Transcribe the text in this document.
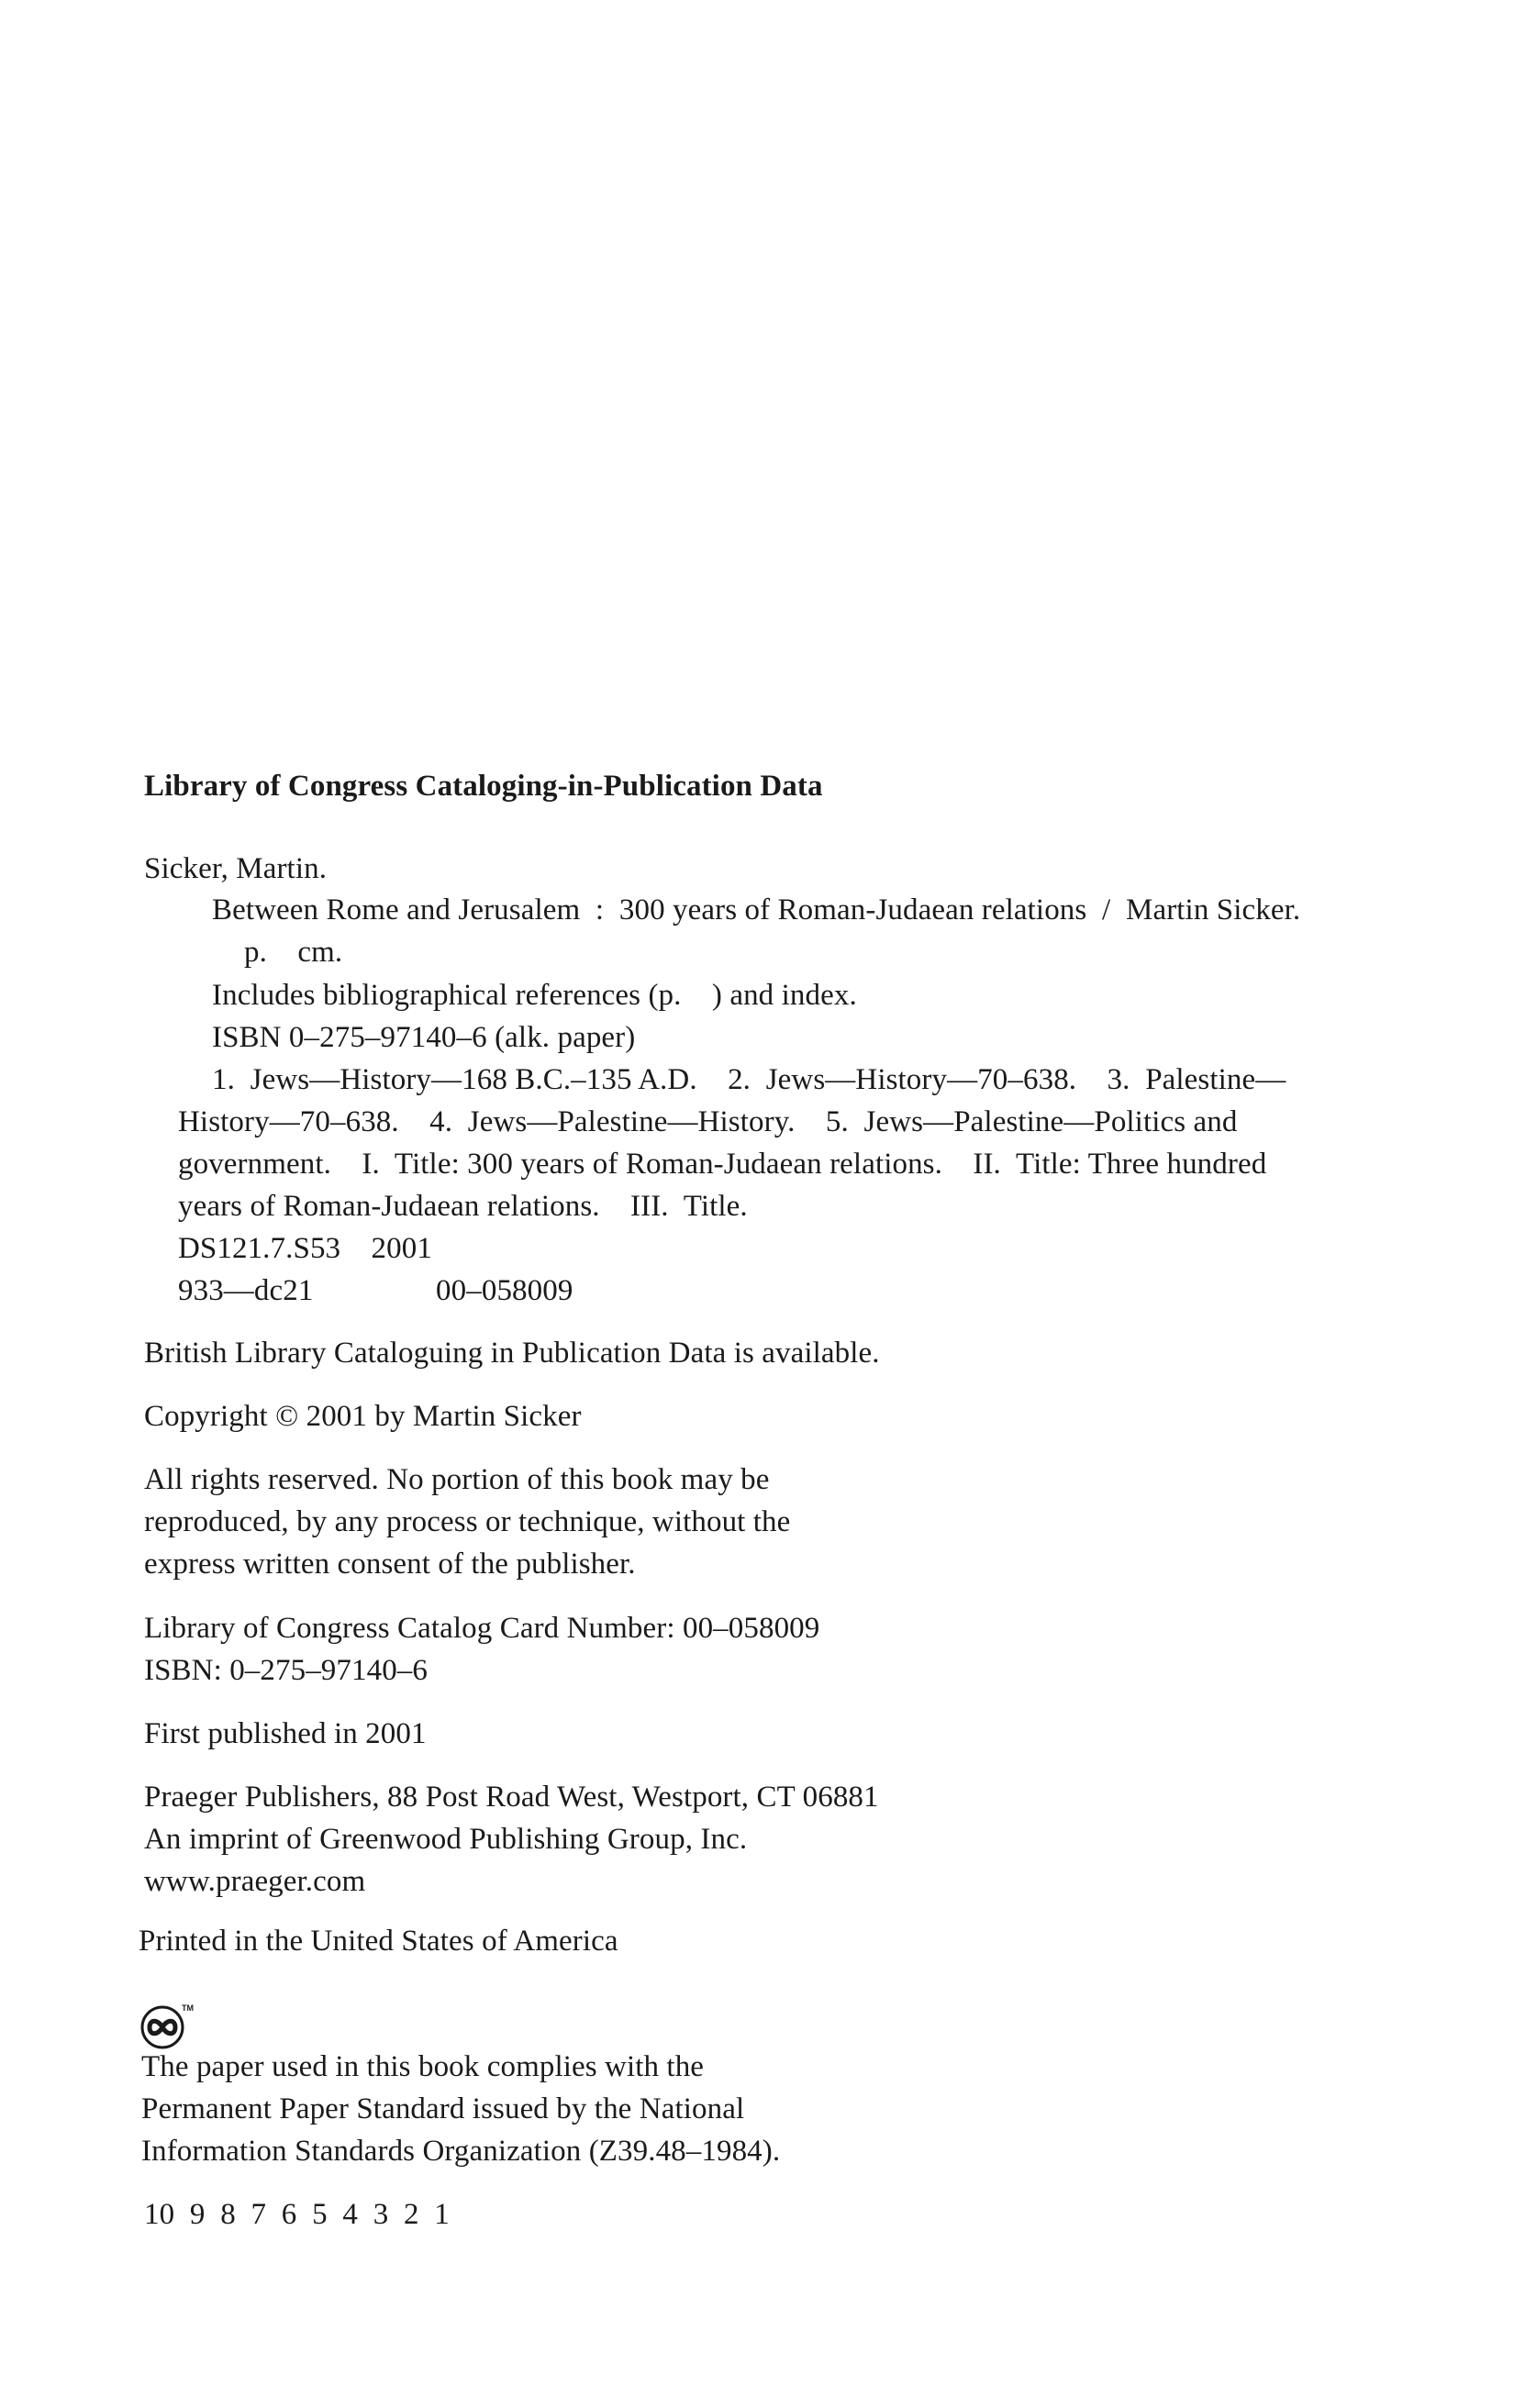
Library of Congress Cataloging-in-Publication Data
Sicker, Martin.
Between Rome and Jerusalem  :  300 years of Roman-Judaean relations  /  Martin Sicker.
p.    cm.
Includes bibliographical references (p.    ) and index.
ISBN 0–275–97140–6 (alk. paper)
1.  Jews—History—168 B.C.–135 A.D.    2.  Jews—History—70–638.    3.  Palestine—
History—70–638.    4.  Jews—Palestine—History.    5.  Jews—Palestine—Politics and
government.    I.  Title: 300 years of Roman-Judaean relations.    II.  Title: Three hundred
years of Roman-Judaean relations.    III.  Title.
DS121.7.S53    2001
933—dc21                00–058009
British Library Cataloguing in Publication Data is available.
Copyright © 2001 by Martin Sicker
All rights reserved. No portion of this book may be
reproduced, by any process or technique, without the
express written consent of the publisher.
Library of Congress Catalog Card Number: 00–058009
ISBN: 0–275–97140–6
First published in 2001
Praeger Publishers, 88 Post Road West, Westport, CT 06881
An imprint of Greenwood Publishing Group, Inc.
www.praeger.com
Printed in the United States of America
TM
The paper used in this book complies with the
Permanent Paper Standard issued by the National
Information Standards Organization (Z39.48–1984).
10  9  8  7  6  5  4  3  2  1
